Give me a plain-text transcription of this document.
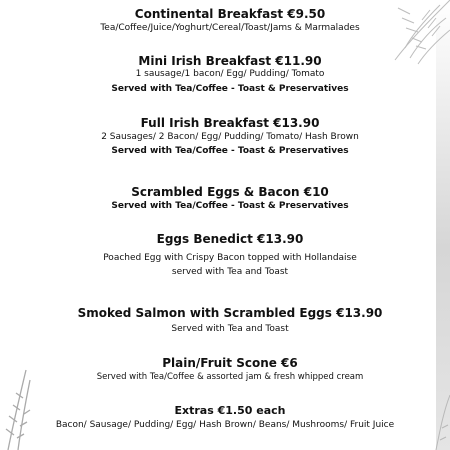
Continental Breakfast €9.50
Tea/Coffee/Juice/Yoghurt/Cereal/Toast/Jams & Marmalades
Mini Irish Breakfast €11.90
1 sausage/1 bacon/ Egg/ Pudding/ Tomato
Served with Tea/Coffee - Toast & Preservatives
Full Irish Breakfast €13.90
2 Sausages/ 2 Bacon/ Egg/ Pudding/ Tomato/ Hash Brown
Served with Tea/Coffee - Toast & Preservatives
Scrambled Eggs & Bacon €10
Served with Tea/Coffee - Toast & Preservatives
Eggs Benedict €13.90
Poached Egg with Crispy Bacon topped with Hollandaise
served with Tea and Toast
Smoked Salmon with Scrambled Eggs €13.90
Served with Tea and Toast
Plain/Fruit Scone €6
Served with Tea/Coffee & assorted jam & fresh whipped cream
Extras €1.50 each
Bacon/ Sausage/ Pudding/ Egg/ Hash Brown/ Beans/ Mushrooms/ Fruit Juice
